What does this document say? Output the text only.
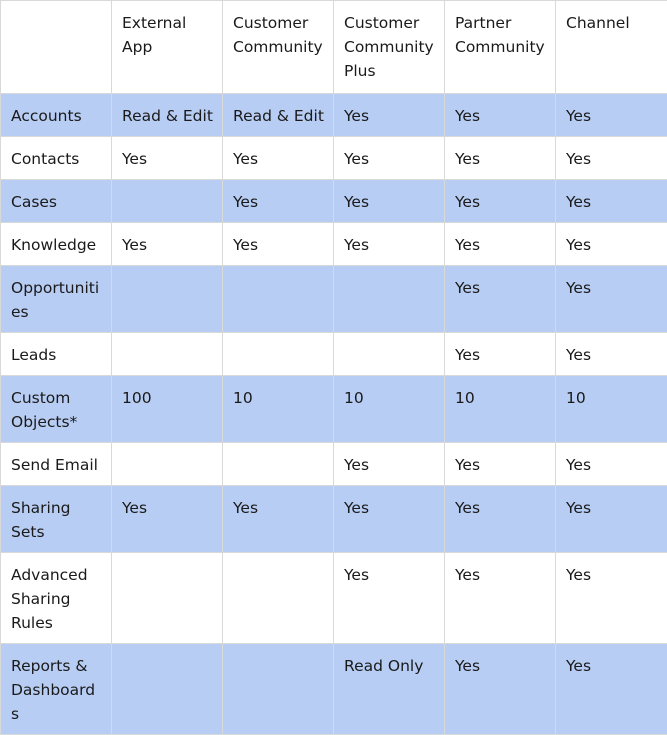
	External App	Customer Community	Customer Community Plus	Partner Community	Channel

Accounts	Read & Edit	Read & Edit	Yes	Yes	Yes

Contacts	Yes	Yes	Yes	Yes	Yes

Cases		Yes	Yes	Yes	Yes

Knowledge	Yes	Yes	Yes	Yes	Yes

Opportuniti es				Yes	Yes

Leads				Yes	Yes

Custom Objects*	100	10	10	10	10

Send Email			Yes	Yes	Yes

Sharing Sets	Yes	Yes	Yes	Yes	Yes

Advanced Sharing Rules			Yes	Yes	Yes

Reports & Dashboards			Read Only	Yes	Yes
